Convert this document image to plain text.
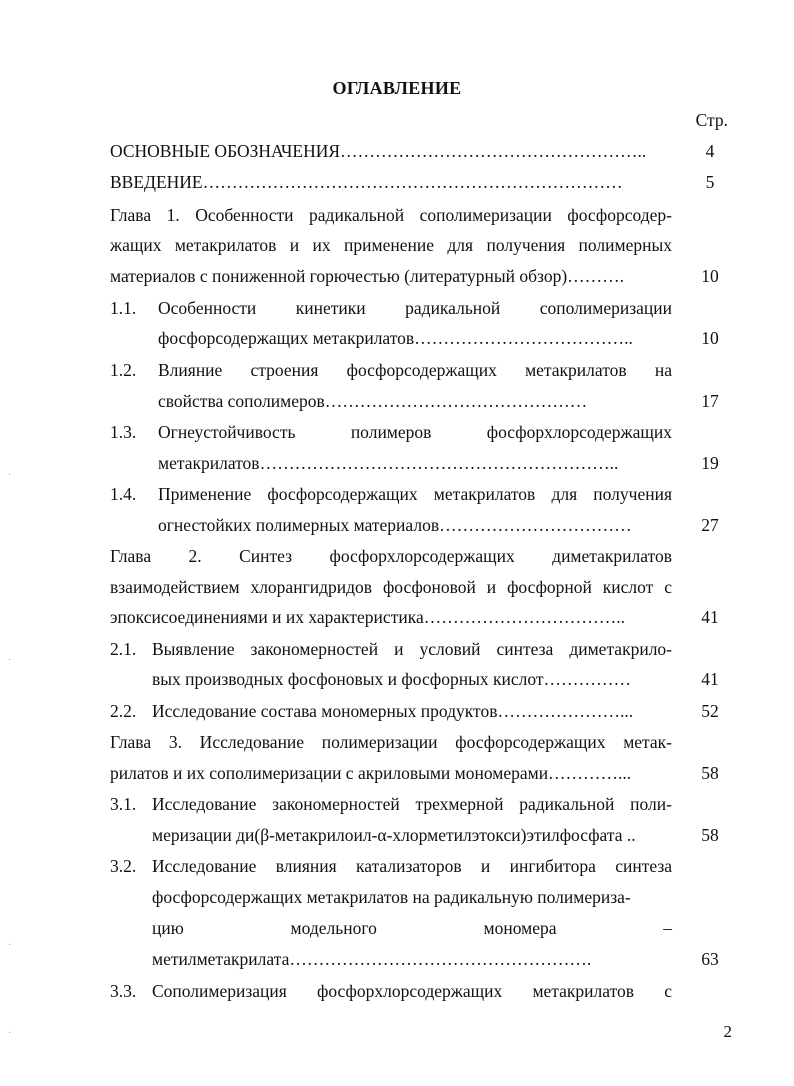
ОГЛАВЛЕНИЕ
Стр.
ОСНОВНЫЕ ОБОЗНАЧЕНИЯ……………………………………………..	4
ВВЕДЕНИЕ………………………………………………………………	5
Глава 1. Особенности радикальной сополимеризации фосфорсодер-
жащих метакрилатов и их применение для получения полимерных
материалов с пониженной горючестью (литературный обзор)……….	10
1.1. Особенности кинетики радикальной сополимеризации
фосфорсодержащих метакрилатов………………………………..	10
1.2. Влияние строения фосфорсодержащих метакрилатов на
свойства сополимеров………………………………………	17
1.3. Огнеустойчивость полимеров фосфорхлорсодержащих
метакрилатов……………………………………………………..	19
1.4. Применение фосфорсодержащих метакрилатов для получения
огнестойких полимерных материалов……………………………	27
Глава 2. Синтез фосфорхлорсодержащих диметакрилатов
взаимодействием хлорангидридов фосфоновой и фосфорной кислот с
эпоксисоединениями и их характеристика……………………………..	41
2.1. Выявление закономерностей и условий синтеза диметакрило-
вых производных фосфоновых и фосфорных кислот……………	41
2.2. Исследование состава мономерных продуктов…………………...	52
Глава 3. Исследование полимеризации фосфорсодержащих метак-
рилатов и их сополимеризации с акриловыми мономерами…………...	58
3.1. Исследование закономерностей трехмерной радикальной поли-
меризации ди(β-метакрилоил-α-хлорметилэтокси)этилфосфата ..	58
3.2. Исследование влияния катализаторов и ингибитора синтеза
фосфорсодержащих метакрилатов на радикальную полимериза-
цию модельного мономера –
метилметакрилата…………………………………………….	63
3.3. Сополимеризация фосфорхлорсодержащих метакрилатов с
2
·
·
·
·
